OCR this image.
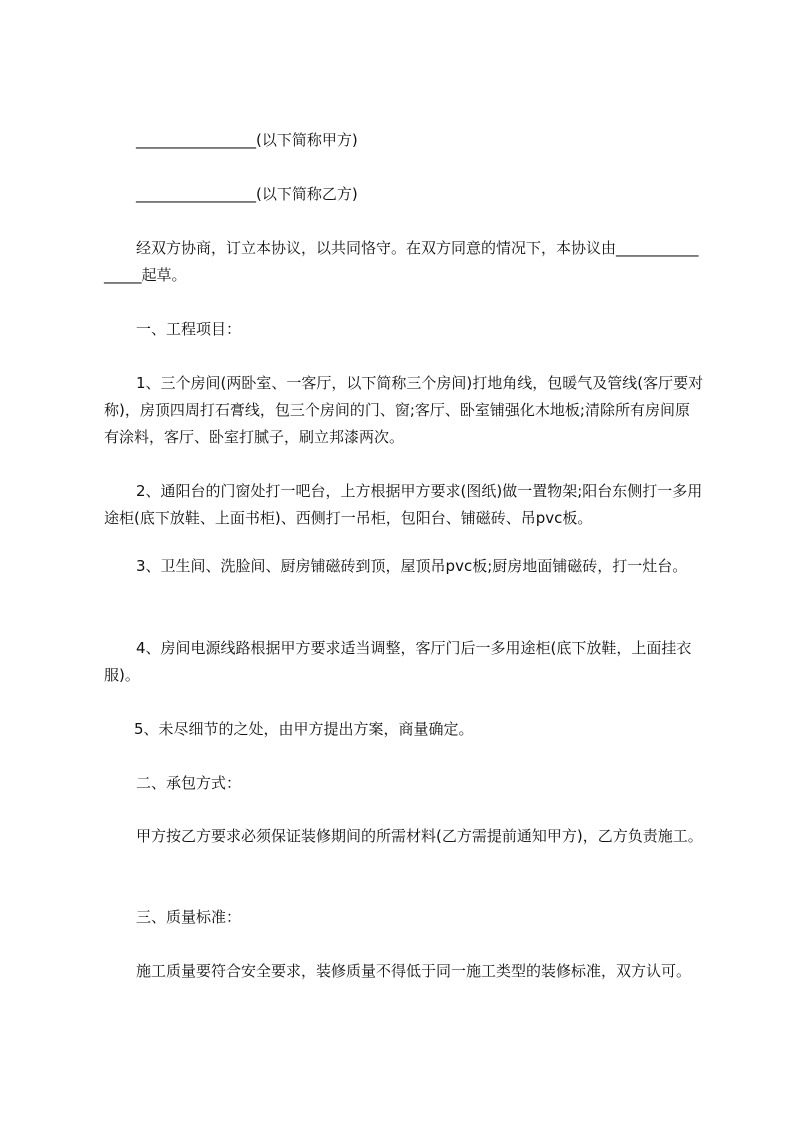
________________(以下简称甲方)

________________(以下简称乙方)

经双方协商，订立本协议，以共同恪守。在双方同意的情况下，本协议由________________起草。

一、工程项目：

1、三个房间(两卧室、一客厅，以下简称三个房间)打地角线，包暖气及管线(客厅要对称)，房顶四周打石膏线，包三个房间的门、窗;客厅、卧室铺强化木地板;清除所有房间原有涂料，客厅、卧室打腻子，刷立邦漆两次。

2、通阳台的门窗处打一吧台，上方根据甲方要求(图纸)做一置物架;阳台东侧打一多用途柜(底下放鞋、上面书柜)、西侧打一吊柜，包阳台、铺磁砖、吊pvc板。

3、卫生间、洗脸间、厨房铺磁砖到顶，屋顶吊pvc板;厨房地面铺磁砖，打一灶台。

4、房间电源线路根据甲方要求适当调整，客厅门后一多用途柜(底下放鞋，上面挂衣服)。

5、未尽细节的之处，由甲方提出方案，商量确定。

二、承包方式：

甲方按乙方要求必须保证装修期间的所需材料(乙方需提前通知甲方)，乙方负责施工。

三、质量标准：

施工质量要符合安全要求，装修质量不得低于同一施工类型的装修标准，双方认可。
